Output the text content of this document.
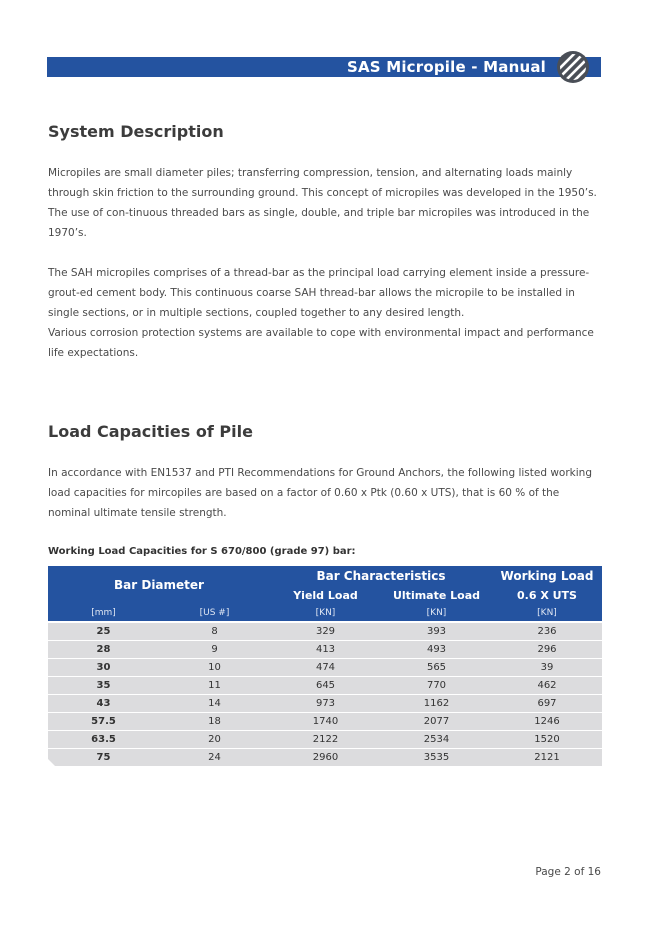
SAS Micropile - Manual
System Description

Micropiles are small diameter piles; transferring compression, tension, and alternating loads mainly through skin friction to the surrounding ground. This concept of micropiles was developed in the 1950’s. The use of con-tinuous threaded bars as single, double, and triple bar micropiles was introduced in the 1970’s.

The SAH micropiles comprises of a thread-bar as the principal load carrying element inside a pressure-grout-ed cement body. This continuous coarse SAH thread-bar allows the micropile to be installed in single sections, or in multiple sections, coupled together to any desired length.

Various corrosion protection systems are available to cope with environmental impact and performance life expectations.

Load Capacities of Pile

In accordance with EN1537 and PTI Recommendations for Ground Anchors, the following listed working load capacities for mircopiles are based on a factor of 0.60 x Ptk (0.60 x UTS), that is 60 % of the nominal ultimate tensile strength.

Working Load Capacities for S 670/800 (grade 97) bar:

Bar Diameter		Bar Characteristics		Working Load
		Yield Load	Ultimate Load	0.6 X UTS
[mm]	[US #]	[KN]	[KN]	[KN]
25	8	329	393	236
28	9	413	493	296
30	10	474	565	39
35	11	645	770	462
43	14	973	1162	697
57.5	18	1740	2077	1246
63.5	20	2122	2534	1520
75	24	2960	3535	2121
Page 2 of 16
